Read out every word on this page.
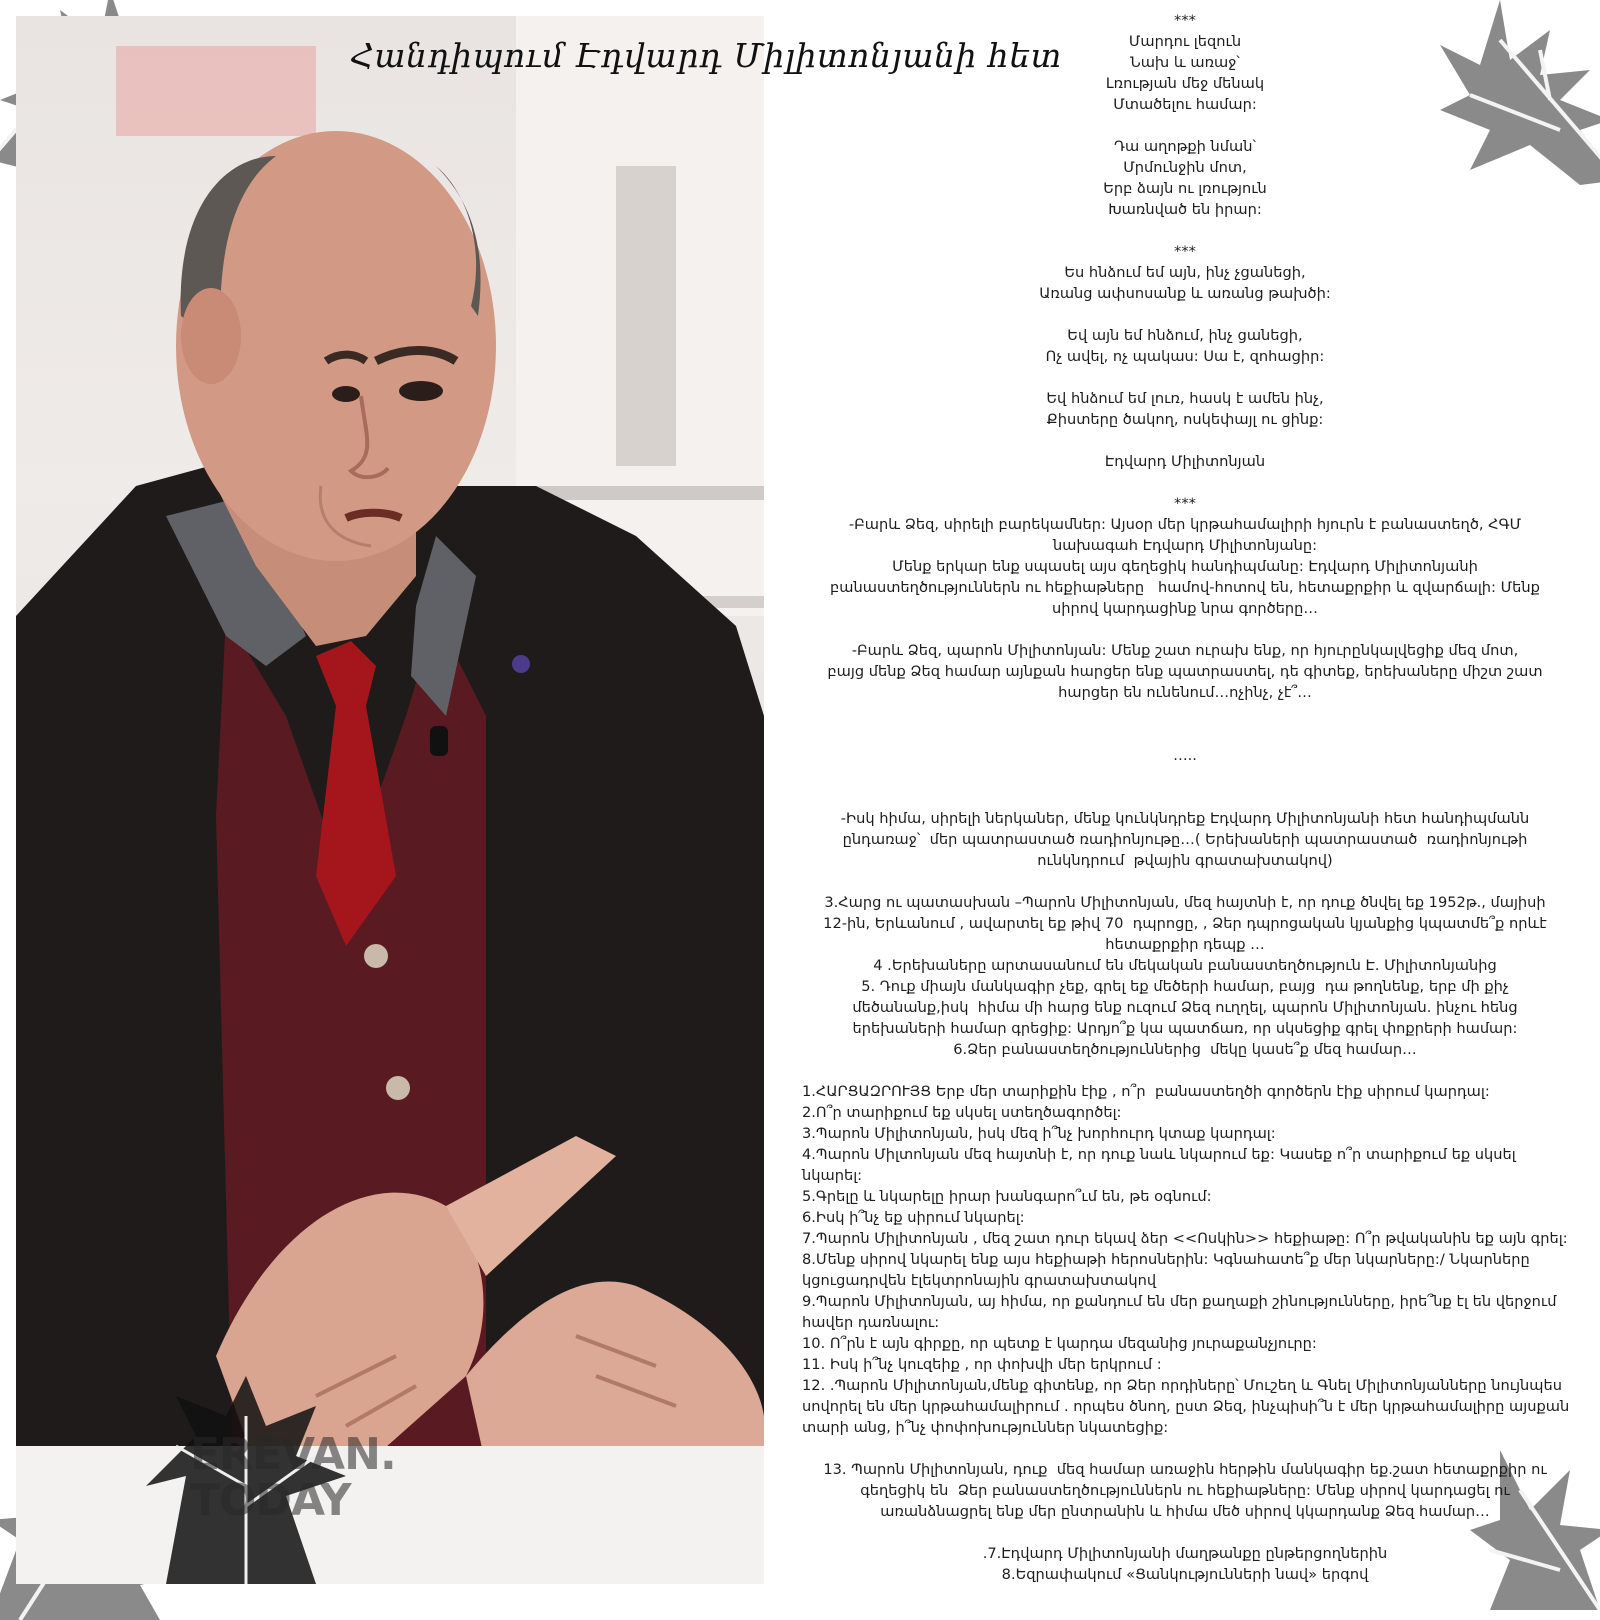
EREVAN.
TODAY
Հանդիպում Էդվարդ Միլիտոնյանի հետ
***
Մարդու լեզուն
Նախ և առաջ՝
Լռության մեջ մենակ
Մտածելու համար:

Դա աղոթքի նման՝
Մրմունջին մոտ,
Երբ ձայն ու լռություն
Խառնված են իրար:
***
Ես հնձում եմ այն, ինչ չցանեցի,
Առանց ափսոսանք և առանց թախծի:

Եվ այն եմ հնձում, ինչ ցանեցի,
Ոչ ավել, ոչ պակաս: Սա է, զոհացիր:

Եվ հնձում եմ լուռ, հասկ է ամեն ինչ,
Քիստերը ծակող, ոսկեփայլ ու ցինք:

Էդվարդ Միլիտոնյան
***
-Բարև Ձեզ, սիրելի բարեկամներ: Այսօր մեր կրթահամալիրի հյուրն է բանաստեղծ, ՀԳՄ
նախագահ Էդվարդ Միլիտոնյանը:
Մենք երկար ենք սպասել այս գեղեցիկ հանդիպմանը: Էդվարդ Միլիտոնյանի
բանաստեղծություններն ու հեքիաթները   համով-հոտով են, հետաքրքիր և զվարճալի: Մենք
սիրով կարդացինք նրա գործերը…

-Բարև Ձեզ, պարոն Միլիտոնյան: Մենք շատ ուրախ ենք, որ հյուրընկալվեցիք մեզ մոտ,
բայց մենք Ձեզ համար այնքան հարցեր ենք պատրաստել, դե գիտեք, երեխաները միշտ շատ
հարցեր են ունենում…ոչինչ, չէ՞…

…..

-Իսկ հիմա, սիրելի ներկաներ, մենք կունկնդրեք Էդվարդ Միլիտոնյանի հետ հանդիպմանն
ընդառաջ՝  մեր պատրաստած ռադիոնյութը…( Երեխաների պատրաստած  ռադիոնյութի
ունկնդրում  թվային գրատախտակով)

3.Հարց ու պատասխան –Պարոն Միլիտոնյան, մեզ հայտնի է, որ դուք ծնվել եք 1952թ., մայիսի
12-ին, Երևանում , ավարտել եք թիվ 70  դպրոցը, , Ձեր դպրոցական կյանքից կպատմե՞ք որևէ
հետաքրքիր դեպք …
4 .Երեխաները արտասանում են մեկական բանաստեղծություն Է. Միլիտոնյանից
5. Դուք միայն մանկագիր չեք, գրել եք մեծերի համար, բայց  դա թողնենք, երբ մի քիչ
մեծանանք,իսկ  հիմա մի հարց ենք ուզում Ձեզ ուղղել, պարոն Միլիտոնյան. ինչու հենց
երեխաների համար գրեցիք: Արդյո՞ք կա պատճառ, որ սկսեցիք գրել փոքրերի համար:
6.Ձեր բանաստեղծություններից  մեկը կասե՞ք մեզ համար…
1.ՀԱՐՑԱԶՐՈՒՅՑ Երբ մեր տարիքին էիք , ո՞ր  բանաստեղծի գործերն էիք սիրում կարդալ:
2.Ո՞ր տարիքում եք սկսել ստեղծագործել:
3.Պարոն Միլիտոնյան, իսկ մեզ ի՞նչ խորհուրդ կտաք կարդալ:
4.Պարոն Միլտոնյան մեզ հայտնի է, որ դուք նաև նկարում եք: Կասեք ո՞ր տարիքում եք սկսել նկարել:
5.Գրելը և նկարելը իրար խանգարո՞ւմ են, թե օգնում:
6.Իսկ ի՞նչ եք սիրում նկարել:
7.Պարոն Միլիտոնյան , մեզ շատ դուր եկավ ձեր <<Ոսկին>> հեքիաթը: Ո՞ր թվականին եք այն գրել:
8.Մենք սիրով նկարել ենք այս հեքիաթի հերոսներին: Կգնահատե՞ք մեր նկարները:/ Նկարները կցուցադրվեն էլեկտրոնային գրատախտակով
9.Պարոն Միլիտոնյան, այ հիմա, որ քանդում են մեր քաղաքի շինությունները, իրե՞նք էլ են վերջում հավեր դառնալու:
10. Ո՞րն է այն գիրքը, որ պետք է կարդա մեզանից յուրաքանչյուրը:
11. Իսկ ի՞նչ կուզեիք , որ փոխվի մեր երկրում :
12. .Պարոն Միլիտոնյան,մենք գիտենք, որ Ձեր որդիները՝ Մուշեղ և Գնել Միլիտոնյանները նույնպես սովորել են մեր կրթահամալիրում . որպես ծնող, ըստ Ձեզ, ինչպիսի՞ն է մեր կրթահամալիրը այսքան տարի անց, ի՞նչ փոփոխություններ նկատեցիք:
13. Պարոն Միլիտոնյան, դուք  մեզ համար առաջին հերթին մանկագիր եք.շատ հետաքրքիր ու
գեղեցիկ են  Ձեր բանաստեղծություններն ու հեքիաթները: Մենք սիրով կարդացել ու
առանձնացրել ենք մեր ընտրանին և հիմա մեծ սիրով կկարդանք Ձեզ համար…

.7.Էդվարդ Միլիտոնյանի մաղթանքը ընթերցողներին
8.Եզրափակում «Ցանկությունների նավ» երգով
